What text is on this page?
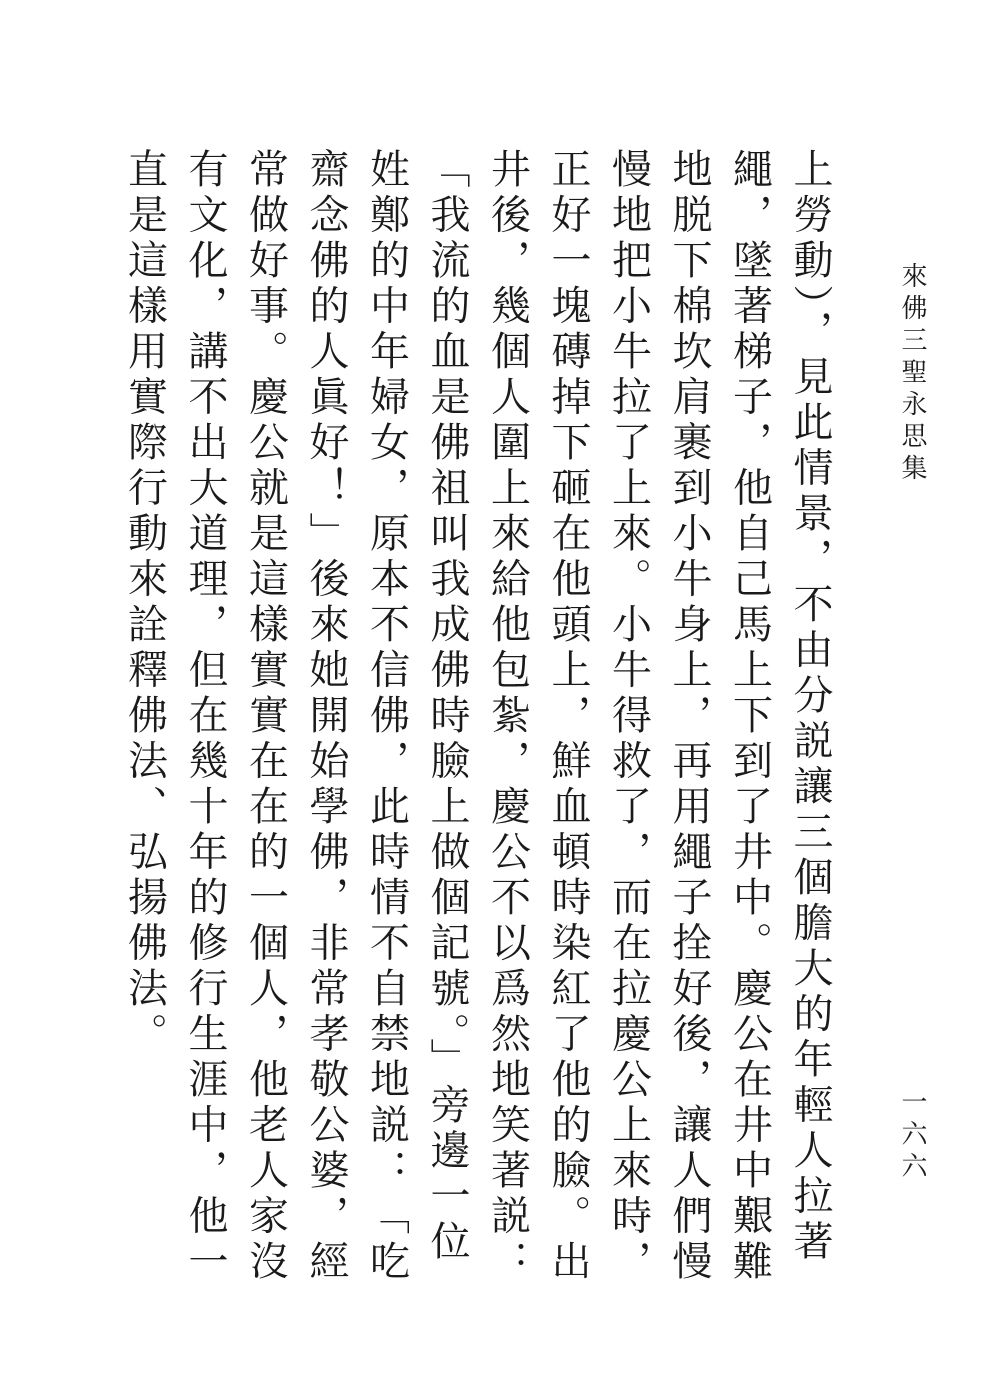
來佛三聖永思集
一六六

上勞動），見此情景，不由分説讓三個膽大的年輕人拉著繩，墜著梯子，他自己馬上下到了井中。慶公在井中艱難地脱下棉坎肩裹到小牛身上，再用繩子拴好後，讓人們慢慢地把小牛拉了上來。小牛得救了，而在拉慶公上來時，正好一塊磚掉下砸在他頭上，鮮血頓時染紅了他的臉。出井後，幾個人圍上來給他包紮，慶公不以爲然地笑著説：「我流的血是佛祖叫我成佛時臉上做個記號。」旁邊一位姓鄭的中年婦女，原本不信佛，此時情不自禁地説：「吃齋念佛的人眞好！」後來她開始學佛，非常孝敬公婆，經常做好事。慶公就是這樣實實在在的一個人，他老人家沒有文化，講不出大道理，但在幾十年的修行生涯中，他一直是這樣用實際行動來詮釋佛法、弘揚佛法。
